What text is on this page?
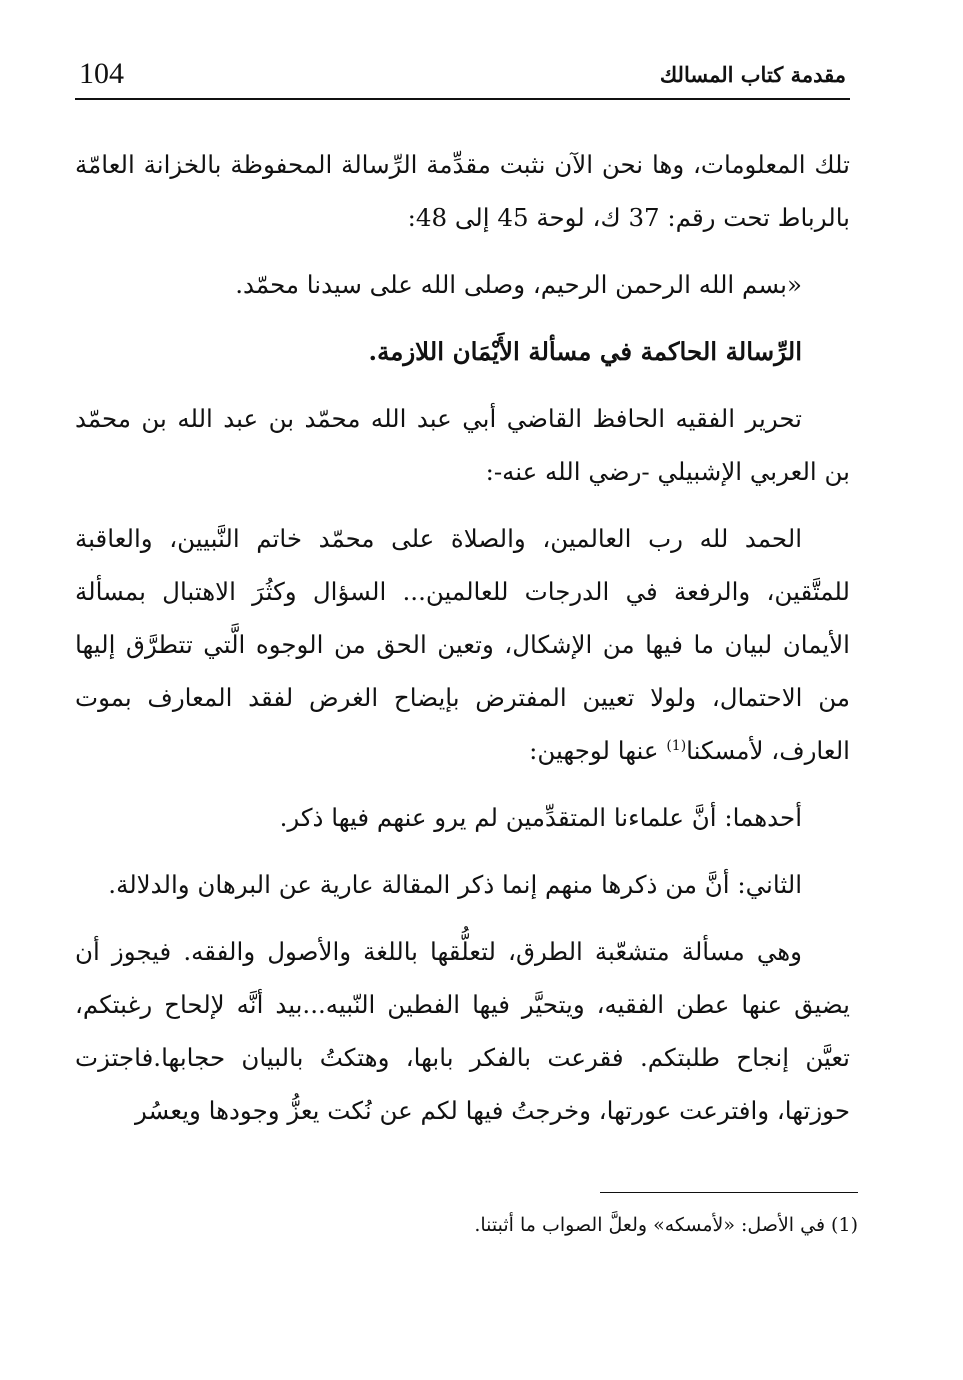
104	مقدمة كتاب المسالك

تلك المعلومات، وها نحن الآن نثبت مقدِّمة الرِّسالة المحفوظة بالخزانة العامّة بالرباط تحت رقم: 37 ك، لوحة 45 إلى 48:

«بسم الله الرحمن الرحيم، وصلى الله على سيدنا محمّد.

الرِّسالة الحاكمة في مسألة الأَيْمَان اللازمة.

تحرير الفقيه الحافظ القاضي أبي عبد الله محمّد بن عبد الله بن محمّد بن العربي الإشبيلي -رضي الله عنه-:

الحمد لله رب العالمين، والصلاة على محمّد خاتم النَّبيين، والعاقبة للمتَّقين، والرفعة في الدرجات للعالمين... السؤال وكثُرَ الاهتبال بمسألة الأيمان لبيان ما فيها من الإشكال، وتعين الحق من الوجوه الَّتي تتطرَّق إليها من الاحتمال، ولولا تعيين المفترض بإيضاح الغرض لفقد المعارف بموت العارف، لأمسكنا$^{(1)}$ عنها لوجهين:

أحدهما: أنَّ علماءنا المتقدِّمين لم يرو عنهم فيها ذكر.

الثاني: أنَّ من ذكرها منهم إنما ذكر المقالة عارية عن البرهان والدلالة.

وهي مسألة متشعّبة الطرق، لتعلُّقها باللغة والأصول والفقه. فيجوز أن يضيق عنها عطن الفقيه، ويتحيَّر فيها الفطين النّبيه...بيد أنَّه لإلحاح رغبتكم، تعيَّن إنجاح طلبتكم. فقرعت بالفكر بابها، وهتكتُ بالبيان حجابها.فاجتزت حوزتها، وافترعت عورتها، وخرجتُ فيها لكم عن نُكت يعزُّ وجودها ويعسُر

(1) في الأصل: «لأمسكه» ولعلَّ الصواب ما أثبتنا.
